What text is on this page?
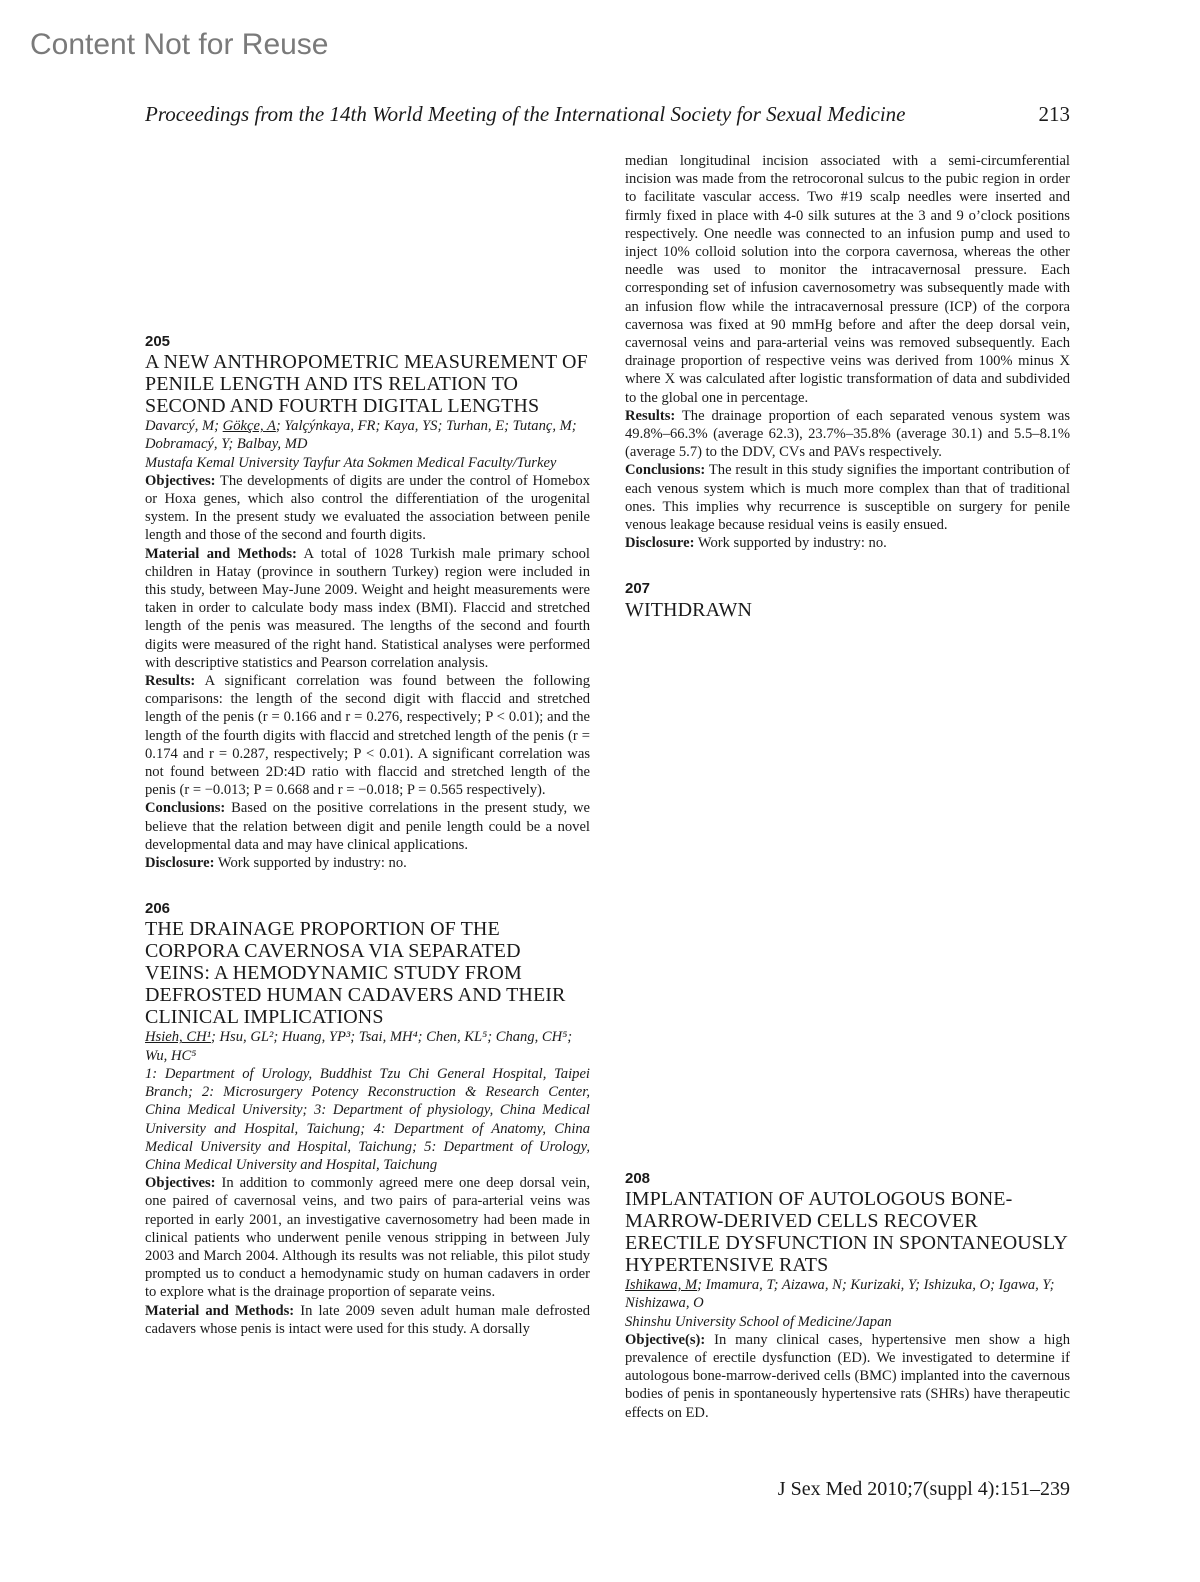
Content Not for Reuse
Proceedings from the 14th World Meeting of the International Society for Sexual Medicine	213

205

A NEW ANTHROPOMETRIC MEASUREMENT OF PENILE LENGTH AND ITS RELATION TO SECOND AND FOURTH DIGITAL LENGTHS

Davarcý, M; Gökçe, A; Yalçýnkaya, FR; Kaya, YS; Turhan, E; Tutanç, M; Dobramacý, Y; Balbay, MD

Mustafa Kemal University Tayfur Ata Sokmen Medical Faculty/Turkey

Objectives: The developments of digits are under the control of Homebox or Hoxa genes, which also control the differentiation of the urogenital system. In the present study we evaluated the association between penile length and those of the second and fourth digits.

Material and Methods: A total of 1028 Turkish male primary school children in Hatay (province in southern Turkey) region were included in this study, between May-June 2009. Weight and height measurements were taken in order to calculate body mass index (BMI). Flaccid and stretched length of the penis was measured. The lengths of the second and fourth digits were measured of the right hand. Statistical analyses were performed with descriptive statistics and Pearson correlation analysis.

Results: A significant correlation was found between the following comparisons: the length of the second digit with flaccid and stretched length of the penis (r = 0.166 and r = 0.276, respectively; P < 0.01); and the length of the fourth digits with flaccid and stretched length of the penis (r = 0.174 and r = 0.287, respectively; P < 0.01). A significant correlation was not found between 2D:4D ratio with flaccid and stretched length of the penis (r = −0.013; P = 0.668 and r = −0.018; P = 0.565 respectively).

Conclusions: Based on the positive correlations in the present study, we believe that the relation between digit and penile length could be a novel developmental data and may have clinical applications.

Disclosure: Work supported by industry: no.

206

THE DRAINAGE PROPORTION OF THE CORPORA CAVERNOSA VIA SEPARATED VEINS: A HEMODYNAMIC STUDY FROM DEFROSTED HUMAN CADAVERS AND THEIR CLINICAL IMPLICATIONS

Hsieh, CH¹; Hsu, GL²; Huang, YP³; Tsai, MH⁴; Chen, KL⁵; Chang, CH⁵; Wu, HC⁵

1: Department of Urology, Buddhist Tzu Chi General Hospital, Taipei Branch; 2: Microsurgery Potency Reconstruction & Research Center, China Medical University; 3: Department of physiology, China Medical University and Hospital, Taichung; 4: Department of Anatomy, China Medical University and Hospital, Taichung; 5: Department of Urology, China Medical University and Hospital, Taichung

Objectives: In addition to commonly agreed mere one deep dorsal vein, one paired of cavernosal veins, and two pairs of para-arterial veins was reported in early 2001, an investigative cavernosometry had been made in clinical patients who underwent penile venous stripping in between July 2003 and March 2004. Although its results was not reliable, this pilot study prompted us to conduct a hemodynamic study on human cadavers in order to explore what is the drainage proportion of separate veins.

Material and Methods: In late 2009 seven adult human male defrosted cadavers whose penis is intact were used for this study. A dorsally

median longitudinal incision associated with a semi-circumferential incision was made from the retrocoronal sulcus to the pubic region in order to facilitate vascular access. Two #19 scalp needles were inserted and firmly fixed in place with 4-0 silk sutures at the 3 and 9 o’clock positions respectively. One needle was connected to an infusion pump and used to inject 10% colloid solution into the corpora cavernosa, whereas the other needle was used to monitor the intracavernosal pressure. Each corresponding set of infusion cavernosometry was subsequently made with an infusion flow while the intracavernosal pressure (ICP) of the corpora cavernosa was fixed at 90 mmHg before and after the deep dorsal vein, cavernosal veins and para-arterial veins was removed subsequently. Each drainage proportion of respective veins was derived from 100% minus X where X was calculated after logistic transformation of data and subdivided to the global one in percentage.

Results: The drainage proportion of each separated venous system was 49.8%–66.3% (average 62.3), 23.7%–35.8% (average 30.1) and 5.5–8.1% (average 5.7) to the DDV, CVs and PAVs respectively.

Conclusions: The result in this study signifies the important contribution of each venous system which is much more complex than that of traditional ones. This implies why recurrence is susceptible on surgery for penile venous leakage because residual veins is easily ensued.

Disclosure: Work supported by industry: no.

207

WITHDRAWN

208

IMPLANTATION OF AUTOLOGOUS BONE-MARROW-DERIVED CELLS RECOVER ERECTILE DYSFUNCTION IN SPONTANEOUSLY HYPERTENSIVE RATS

Ishikawa, M; Imamura, T; Aizawa, N; Kurizaki, Y; Ishizuka, O; Igawa, Y; Nishizawa, O

Shinshu University School of Medicine/Japan

Objective(s): In many clinical cases, hypertensive men show a high prevalence of erectile dysfunction (ED). We investigated to determine if autologous bone-marrow-derived cells (BMC) implanted into the cavernous bodies of penis in spontaneously hypertensive rats (SHRs) have therapeutic effects on ED.

J Sex Med 2010;7(suppl 4):151–239
